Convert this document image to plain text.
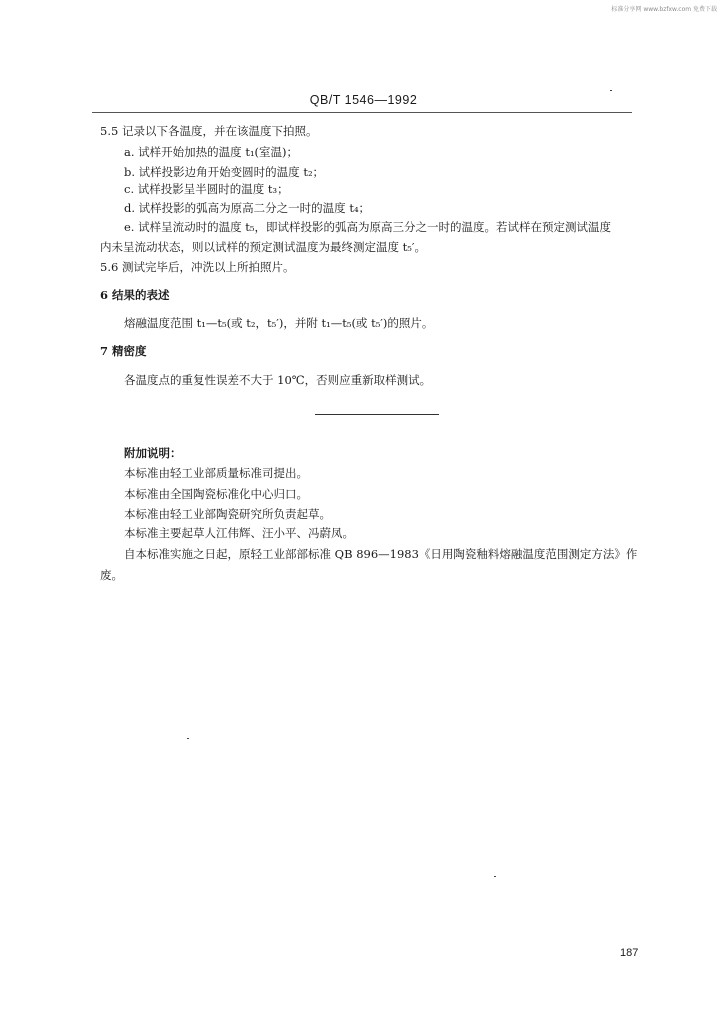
标准分享网 www.bzfxw.com 免费下载
QB/T 1546—1992
5.5 记录以下各温度，并在该温度下拍照。
a. 试样开始加热的温度 t₁(室温)；
b. 试样投影边角开始变圆时的温度 t₂；
c. 试样投影呈半圆时的温度 t₃；
d. 试样投影的弧高为原高二分之一时的温度 t₄；
e. 试样呈流动时的温度 t₅，即试样投影的弧高为原高三分之一时的温度。若试样在预定测试温度
内未呈流动状态，则以试样的预定测试温度为最终测定温度 t₅′。
5.6 测试完毕后，冲洗以上所拍照片。
6 结果的表述
熔融温度范围 t₁—t₅(或 t₂，t₅′)，并附 t₁—t₅(或 t₅′)的照片。
7 精密度
各温度点的重复性误差不大于 10℃，否则应重新取样测试。
附加说明：
本标准由轻工业部质量标准司提出。
本标准由全国陶瓷标准化中心归口。
本标准由轻工业部陶瓷研究所负责起草。
本标准主要起草人江伟辉、汪小平、冯蔚凤。
自本标准实施之日起，原轻工业部部标准 QB 896—1983《日用陶瓷釉料熔融温度范围测定方法》作
废。
187
